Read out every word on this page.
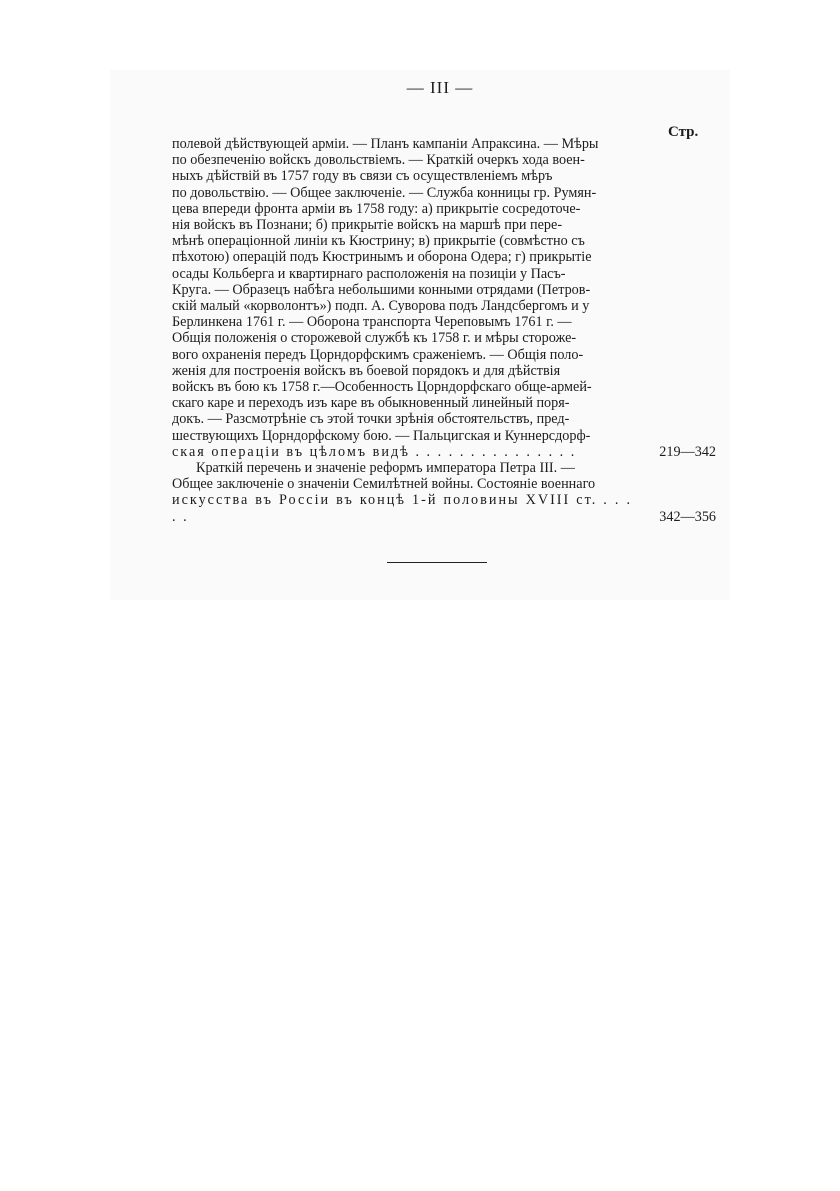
— III —
Стр.
полевой дѣйствующей арміи. — Планъ кампаніи Апраксина. — Мѣры
по обезпеченію войскъ довольствіемъ. — Краткій очеркъ хода воен-
ныхъ дѣйствій въ 1757 году въ связи съ осуществленіемъ мѣръ
по довольствію. — Общее заключеніе. — Служба конницы гр. Румян-
цева впереди фронта арміи въ 1758 году: а) прикрытіе сосредоточе-
нія войскъ въ Познани; б) прикрытіе войскъ на маршѣ при пере-
мѣнѣ операціонной линіи къ Кюстрину; в) прикрытіе (совмѣстно съ
пѣхотою) операцій подъ Кюстринымъ и оборона Одера; г) прикрытіе
осады Кольберга и квартирнаго расположенія на позиціи у Пасъ-
Круга. — Образецъ набѣга небольшими конными отрядами (Петров-
скій малый «корволонтъ») подп. А. Суворова подъ Ландсбергомъ и у
Берлинкена 1761 г. — Оборона транспорта Череповымъ 1761 г. —
Общія положенія о сторожевой службѣ къ 1758 г. и мѣры стороже-
вого охраненія передъ Цорндорфскимъ сраженіемъ. — Общія поло-
женія для построенія войскъ въ боевой порядокъ и для дѣйствія
войскъ въ бою къ 1758 г.—Особенность Цорндорфскаго обще-армей-
скаго каре и переходъ изъ каре въ обыкновенный линейный поря-
докъ. — Разсмотрѣніе съ этой точки зрѣнія обстоятельствъ, пред-
шествующихъ Цорндорфскому бою. — Пальцигская и Куннерсдорф-
ская операціи въ цѣломъ видѣ . . . . . . . . . . . . . . .	219—342
Краткій перечень и значеніе реформъ императора Петра III. —
Общее заключеніе о значеніи Семилѣтней войны. Состояніе военнаго
искусства въ Россіи въ концѣ 1-й половины XVIII ст. . . . . .	342—356
